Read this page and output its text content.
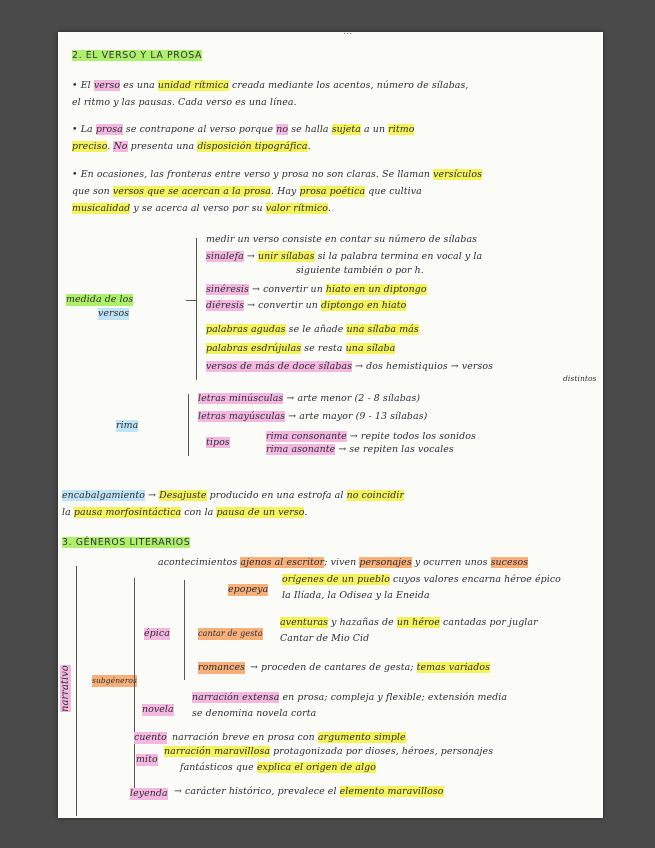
...
2. EL VERSO Y LA PROSA
• El verso es una unidad rítmica creada mediante los acentos, número de sílabas,
el ritmo y las pausas. Cada verso es una línea.
• La prosa se contrapone al verso porque no se halla sujeta a un ritmo
preciso. No presenta una disposición tipográfica.
• En ocasiones, las fronteras entre verso y prosa no son claras. Se llaman versículos
que son versos que se acercan a la prosa. Hay prosa poética que cultiva
musicalidad y se acerca al verso por su valor rítmico.
medida de los
versos
medir un verso consiste en contar su número de sílabas
sinalefa → unir sílabas si la palabra termina en vocal y la
siguiente también o por h.
sinéresis → convertir un hiato en un diptongo
diéresis → convertir un diptongo en hiato
palabras agudas se le añade una sílaba más
palabras esdrújulas se resta una sílaba
versos de más de doce sílabas → dos hemistiquios → versos
distintos
rima
letras minúsculas → arte menor (2 - 8 sílabas)
letras mayúsculas → arte mayor (9 - 13 sílabas)
tipos
rima consonante → repite todos los sonidos
rima asonante → se repiten las vocales
encabalgamiento → Desajuste producido en una estrofa al no coincidir
la pausa morfosintáctica con la pausa de un verso.
3. GÉNEROS LITERARIOS
acontecimientos ajenos al escritor; viven personajes y ocurren unos sucesos
narrativo	subgéneros
épica
epopeya
orígenes de un pueblo cuyos valores encarna héroe épico
la Ilíada, la Odisea y la Eneida
cantar de gesta
aventuras y hazañas de un héroe cantadas por juglar
Cantar de Mio Cid
romances → proceden de cantares de gesta; temas variados
novela
narración extensa en prosa; compleja y flexible; extensión media
se denomina novela corta
cuento narración breve en prosa con argumento simple
mito
narración maravillosa protagonizada por dioses, héroes, personajes
fantásticos que explica el origen de algo
leyenda → carácter histórico, prevalece el elemento maravilloso
